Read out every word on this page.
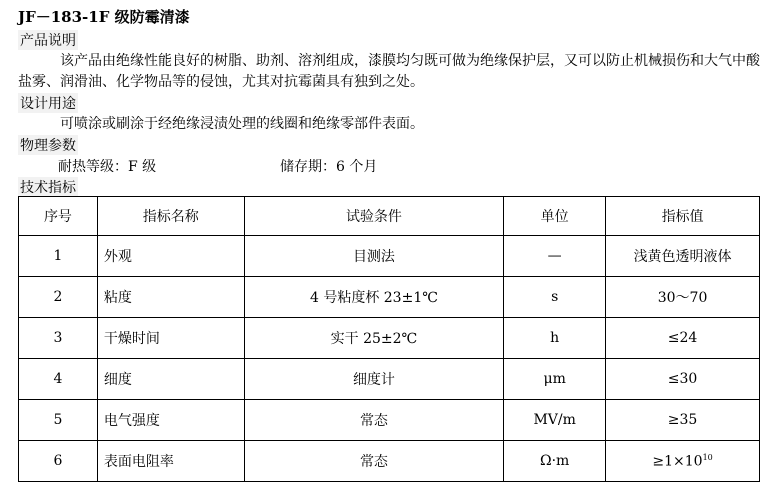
JF－183-1F 级防霉清漆
产品说明
该产品由绝缘性能良好的树脂、助剂、溶剂组成，漆膜均匀既可做为绝缘保护层，又可以防止机械损伤和大气中酸盐雾、润滑油、化学物品等的侵蚀，尤其对抗霉菌具有独到之处。
设计用途
可喷涂或刷涂于经绝缘浸渍处理的线圈和绝缘零部件表面。
物理参数
耐热等级：F 级	储存期：6 个月
技术指标
序号	指标名称	试验条件	单位	指标值
1	外观	目测法	—	浅黄色透明液体
2	粘度	4 号粘度杯 23±1℃	s	30～70
3	干燥时间	实干 25±2℃	h	≤24
4	细度	细度计	μm	≤30
5	电气强度	常态	MV/m	≥35
6	表面电阻率	常态	Ω·m	$\ge 1\times 10^{10}$
